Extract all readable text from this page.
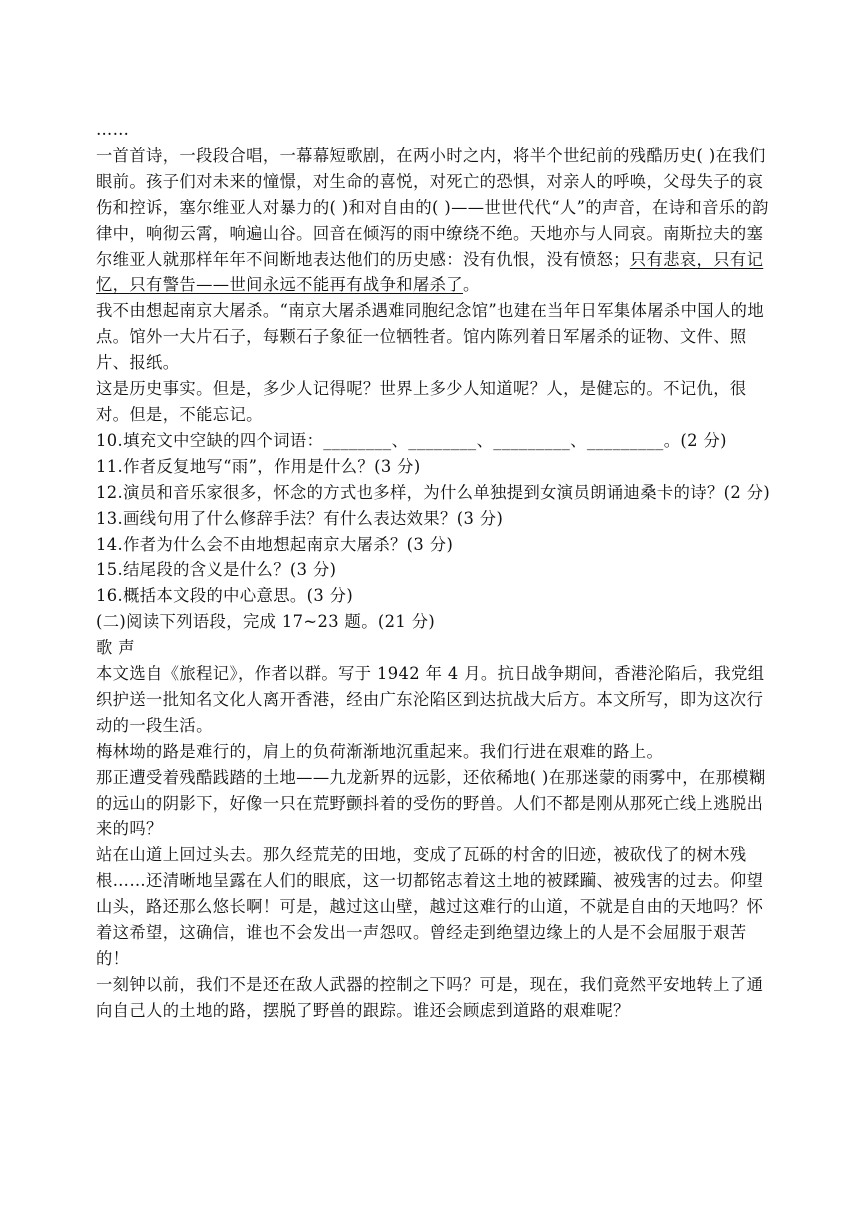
……

一首首诗，一段段合唱，一幕幕短歌剧，在两小时之内，将半个世纪前的残酷历史( )在我们眼前。孩子们对未来的憧憬，对生命的喜悦，对死亡的恐惧，对亲人的呼唤，父母失子的哀伤和控诉，塞尔维亚人对暴力的( )和对自由的( )——世世代代“人”的声音，在诗和音乐的韵律中，响彻云霄，响遍山谷。回音在倾泻的雨中缭绕不绝。天地亦与人同哀。南斯拉夫的塞尔维亚人就那样年年不间断地表达他们的历史感：没有仇恨，没有愤怒；只有悲哀，只有记忆，只有警告——世间永远不能再有战争和屠杀了。

我不由想起南京大屠杀。“南京大屠杀遇难同胞纪念馆”也建在当年日军集体屠杀中国人的地点。馆外一大片石子，每颗石子象征一位牺牲者。馆内陈列着日军屠杀的证物、文件、照片、报纸。

这是历史事实。但是，多少人记得呢？世界上多少人知道呢？人，是健忘的。不记仇，很对。但是，不能忘记。

10.填充文中空缺的四个词语：________、________、_________、_________。(2 分)

11.作者反复地写“雨”，作用是什么？(3 分)

12.演员和音乐家很多，怀念的方式也多样，为什么单独提到女演员朗诵迪桑卡的诗？(2 分)

13.画线句用了什么修辞手法？有什么表达效果？(3 分)

14.作者为什么会不由地想起南京大屠杀？(3 分)

15.结尾段的含义是什么？(3 分)

16.概括本文段的中心意思。(3 分)

(二)阅读下列语段，完成 17~23 题。(21 分)

歌 声

本文选自《旅程记》，作者以群。写于 1942 年 4 月。抗日战争期间，香港沦陷后，我党组织护送一批知名文化人离开香港，经由广东沦陷区到达抗战大后方。本文所写，即为这次行动的一段生活。

梅林坳的路是难行的，肩上的负荷渐渐地沉重起来。我们行进在艰难的路上。

那正遭受着残酷践踏的土地——九龙新界的远影，还依稀地( )在那迷蒙的雨雾中，在那模糊的远山的阴影下，好像一只在荒野颤抖着的受伤的野兽。人们不都是刚从那死亡线上逃脱出来的吗？

站在山道上回过头去。那久经荒芜的田地，变成了瓦砾的村舍的旧迹，被砍伐了的树木残根……还清晰地呈露在人们的眼底，这一切都铭志着这土地的被蹂躏、被残害的过去。仰望山头，路还那么悠长啊！可是，越过这山壁，越过这难行的山道，不就是自由的天地吗？怀着这希望，这确信，谁也不会发出一声怨叹。曾经走到绝望边缘上的人是不会屈服于艰苦的！

一刻钟以前，我们不是还在敌人武器的控制之下吗？可是，现在，我们竟然平安地转上了通向自己人的土地的路，摆脱了野兽的跟踪。谁还会顾虑到道路的艰难呢？
